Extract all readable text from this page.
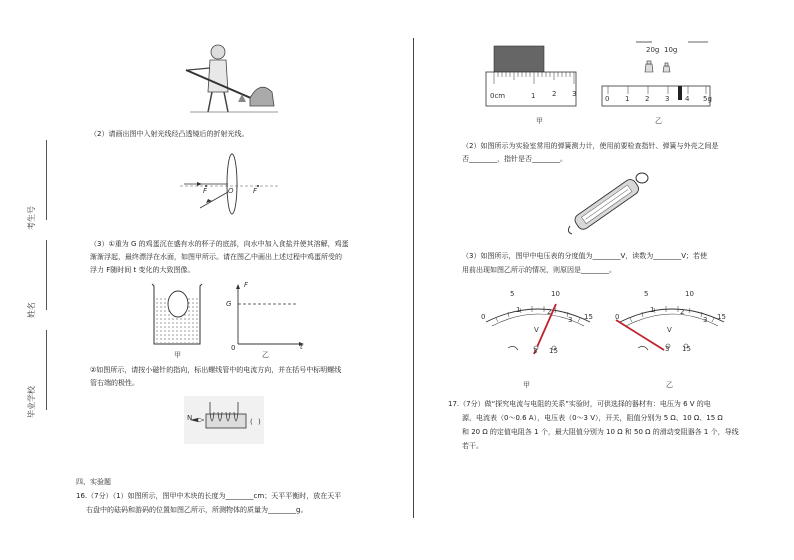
考生号
姓名
毕业学校
（2）请画出图中入射光线经凸透镜后的折射光线。
F	O	F
（3）①重为 G 的鸡蛋沉在盛有水的杯子的底部，向水中加入食盐并使其溶解，鸡蛋
渐渐浮起，最终漂浮在水面，如图甲所示。请在图乙中画出上述过程中鸡蛋所受的
浮力 F随时间 t 变化的大致图像。
甲
F
G
0	t
乙
②如图所示，请按小磁针的指向，标出螺线管中的电流方向，并在括号中标明螺线
管右端的极性。
( )
N
四、实验题
16.（7分）（1）如图所示，图甲中木块的长度为________cm；天平平衡时，放在天平
右盘中的砝码和游码的位置如图乙所示，所测物体的质量为________g。
0cm	1 2 3
甲
20g 10g
0 1 2 3 4 5g
乙
（2）如图所示为实验室常用的弹簧测力计，使用前要检查指针、弹簧与外壳之间是
否________，指针是否________。
（3）如图所示，图甲中电压表的分度值为________V，读数为________V；若使
用前出现如图乙所示的情况，则原因是________。
5	10
0
1	2
3 15
V
3 15
甲
5	10
0
1	2
3 15
V
3 15
乙
17.（7分）做“探究电流与电阻的关系”实验时，可供选择的器材有：电压为 6 V 的电
源，电流表（0～0.6 A），电压表（0～3 V），开关，阻值分别为 5 Ω、10 Ω、15 Ω
和 20 Ω 的定值电阻各 1 个，最大阻值分别为 10 Ω 和 50 Ω 的滑动变阻器各 1 个，导线
若干。
